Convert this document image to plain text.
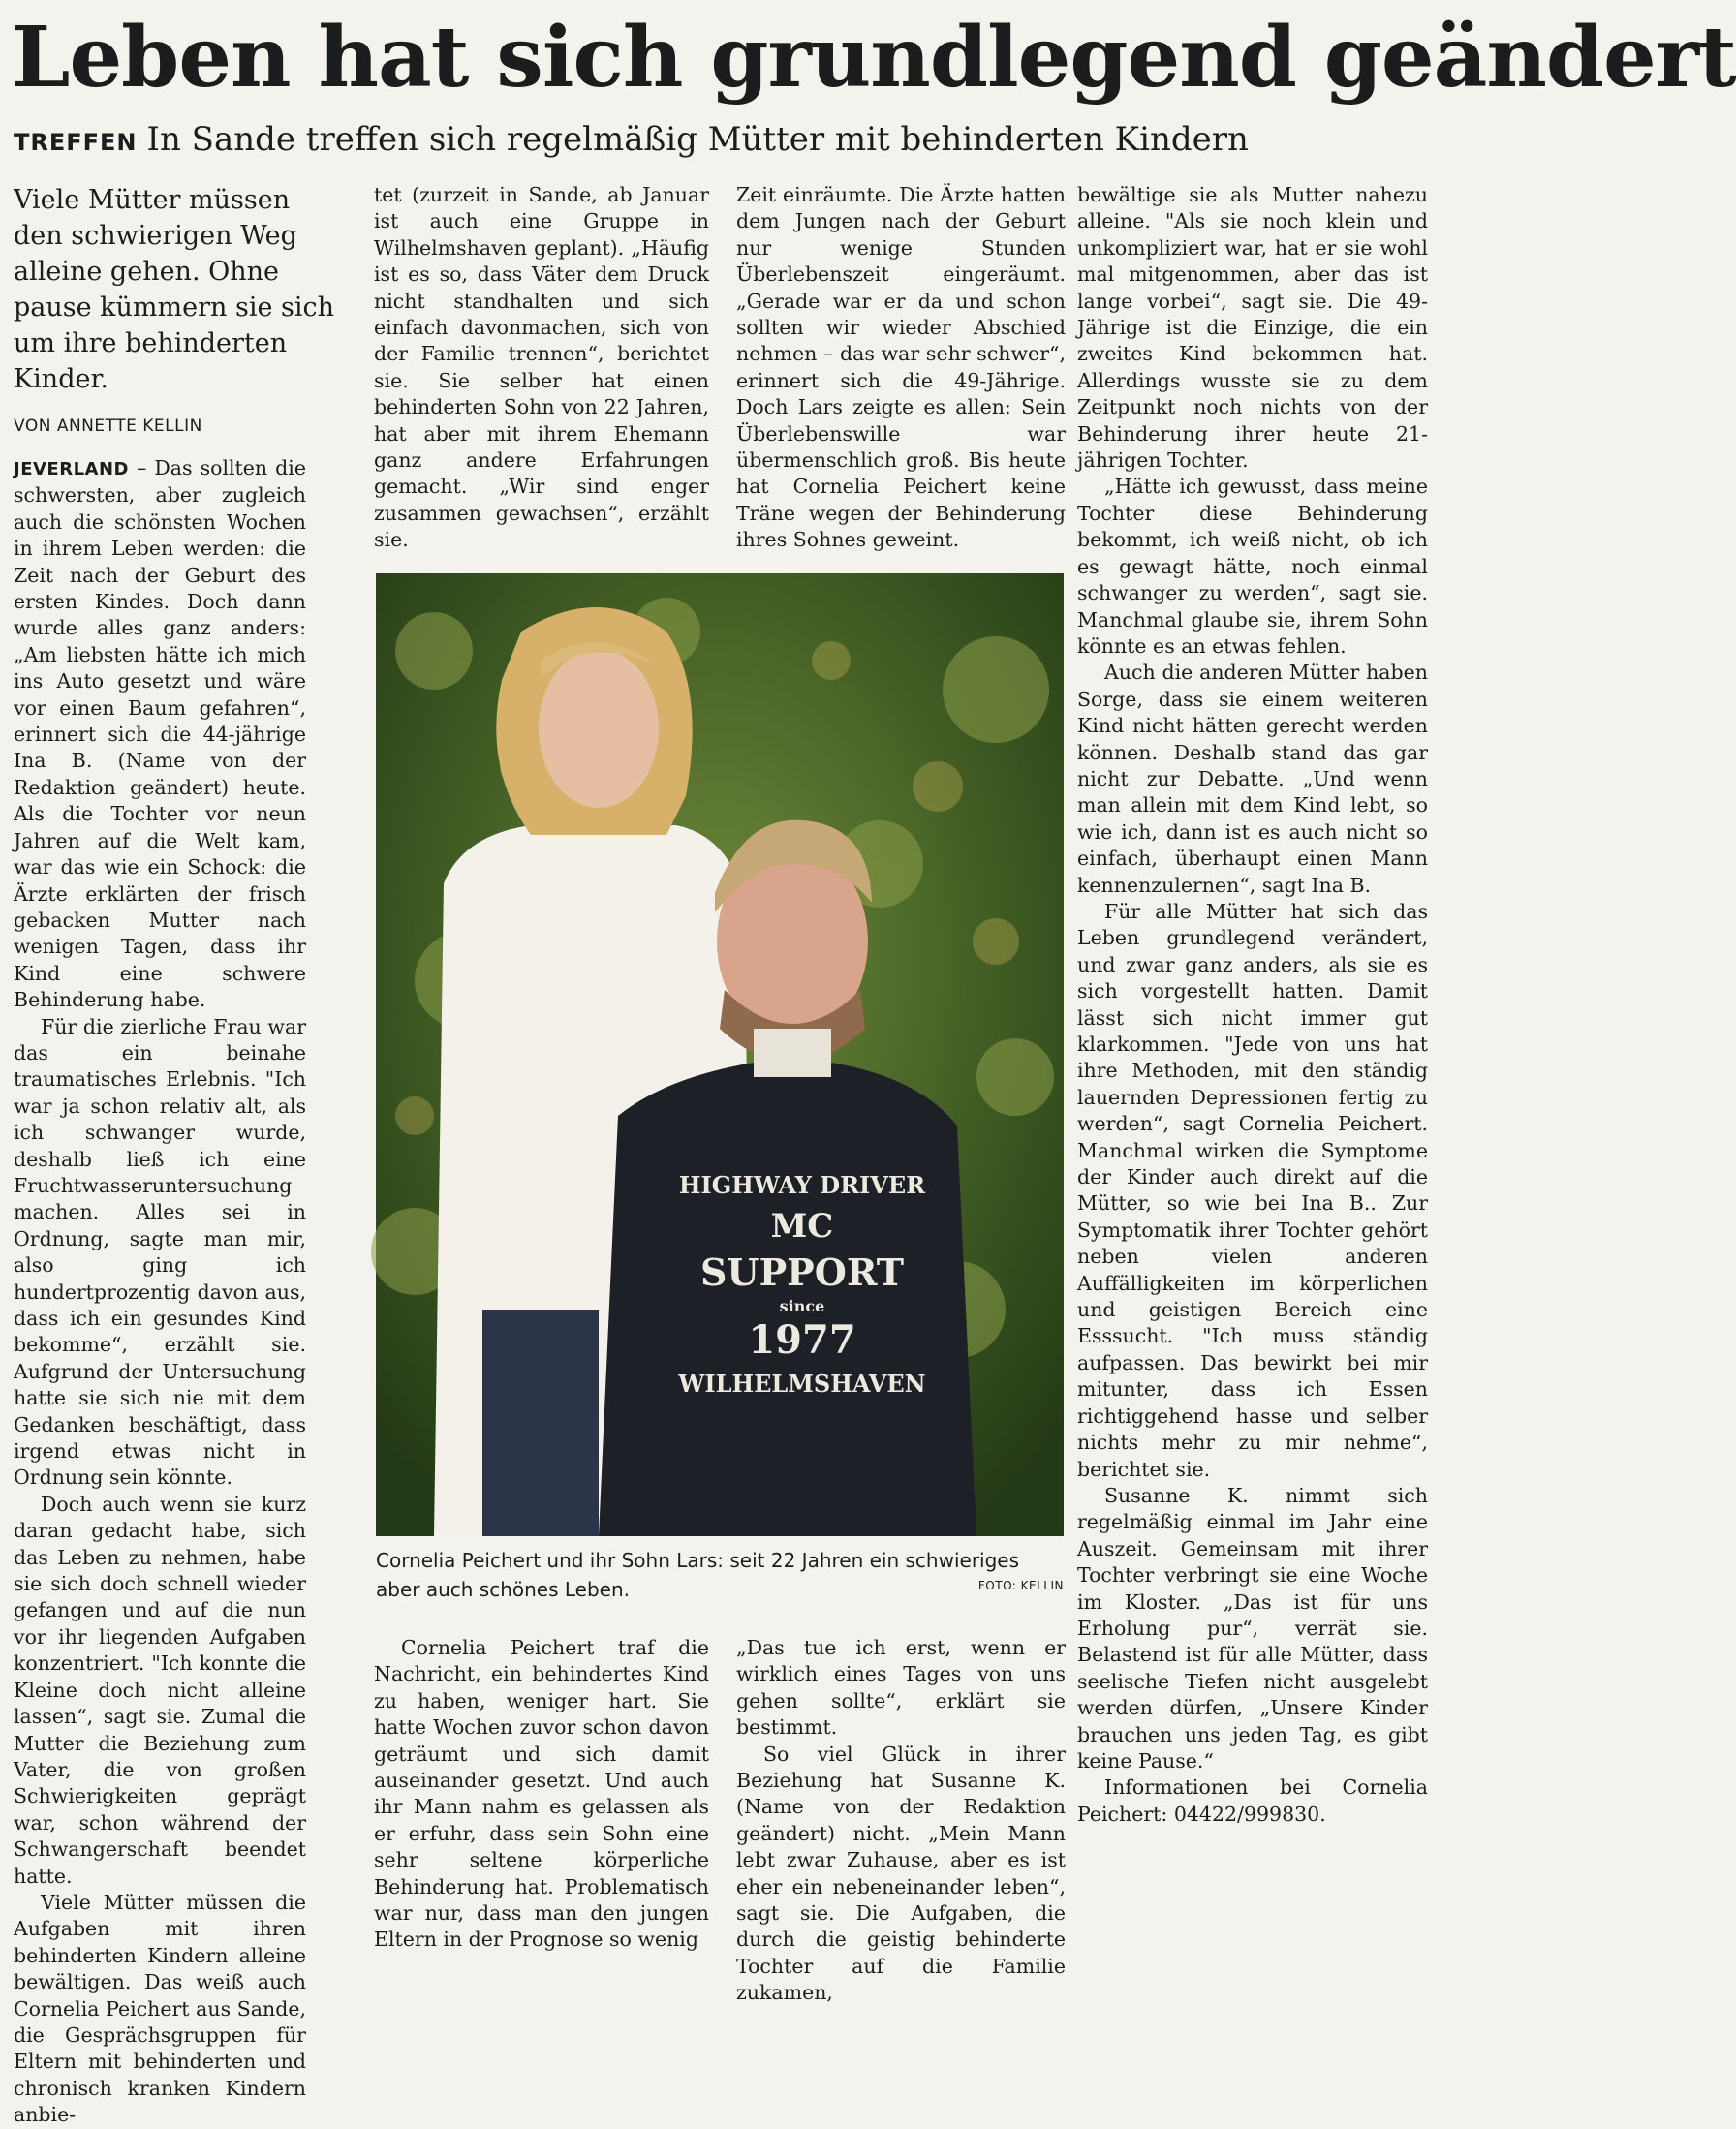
Leben hat sich grundlegend geändert
TREFFEN In Sande treffen sich regelmäßig Mütter mit behinderten Kindern
Viele Mütter müssen den schwierigen Weg alleine gehen. Ohne pause kümmern sie sich um ihre behinderten Kinder.
VON ANNETTE KELLIN

JEVERLAND – Das sollten die schwersten, aber zugleich auch die schönsten Wochen in ihrem Leben werden: die Zeit nach der Geburt des ersten Kindes. Doch dann wurde alles ganz anders: „Am liebsten hätte ich mich ins Auto gesetzt und wäre vor einen Baum gefahren“, erinnert sich die 44-jährige Ina B. (Name von der Redaktion geändert) heute. Als die Tochter vor neun Jahren auf die Welt kam, war das wie ein Schock: die Ärzte erklärten der frisch gebacken Mutter nach wenigen Tagen, dass ihr Kind eine schwere Behinderung habe.

Für die zierliche Frau war das ein beinahe traumatisches Erlebnis. "Ich war ja schon relativ alt, als ich schwanger wurde, deshalb ließ ich eine Fruchtwasseruntersuchung machen. Alles sei in Ordnung, sagte man mir, also ging ich hundertprozentig davon aus, dass ich ein gesundes Kind bekomme“, erzählt sie. Aufgrund der Untersuchung hatte sie sich nie mit dem Gedanken beschäftigt, dass irgend etwas nicht in Ordnung sein könnte.

Doch auch wenn sie kurz daran gedacht habe, sich das Leben zu nehmen, habe sie sich doch schnell wieder gefangen und auf die nun vor ihr liegenden Aufgaben konzentriert. "Ich konnte die Kleine doch nicht alleine lassen“, sagt sie. Zumal die Mutter die Beziehung zum Vater, die von großen Schwierigkeiten geprägt war, schon während der Schwangerschaft beendet hatte.

Viele Mütter müssen die Aufgaben mit ihren behinderten Kindern alleine bewältigen. Das weiß auch Cornelia Peichert aus Sande, die Gesprächsgruppen für Eltern mit behinderten und chronisch kranken Kindern anbie-

tet (zurzeit in Sande, ab Januar ist auch eine Gruppe in Wilhelmshaven geplant). „Häufig ist es so, dass Väter dem Druck nicht standhalten und sich einfach davonmachen, sich von der Familie trennen“, berichtet sie. Sie selber hat einen behinderten Sohn von 22 Jahren, hat aber mit ihrem Ehemann ganz andere Erfahrungen gemacht. „Wir sind enger zusammen gewachsen“, erzählt sie.

Zeit einräumte. Die Ärzte hatten dem Jungen nach der Geburt nur wenige Stunden Überlebenszeit eingeräumt. „Gerade war er da und schon sollten wir wieder Abschied nehmen – das war sehr schwer“, erinnert sich die 49-Jährige. Doch Lars zeigte es allen: Sein Überlebenswille war übermenschlich groß. Bis heute hat Cornelia Peichert keine Träne wegen der Behinderung ihres Sohnes geweint.

bewältige sie als Mutter nahezu alleine. "Als sie noch klein und unkompliziert war, hat er sie wohl mal mitgenommen, aber das ist lange vorbei“, sagt sie. Die 49-Jährige ist die Einzige, die ein zweites Kind bekommen hat. Allerdings wusste sie zu dem Zeitpunkt noch nichts von der Behinderung ihrer heute 21-jährigen Tochter.

„Hätte ich gewusst, dass meine Tochter diese Behinderung bekommt, ich weiß nicht, ob ich es gewagt hätte, noch einmal schwanger zu werden“, sagt sie. Manchmal glaube sie, ihrem Sohn könnte es an etwas fehlen.

Auch die anderen Mütter haben Sorge, dass sie einem weiteren Kind nicht hätten gerecht werden können. Deshalb stand das gar nicht zur Debatte. „Und wenn man allein mit dem Kind lebt, so wie ich, dann ist es auch nicht so einfach, überhaupt einen Mann kennenzulernen“, sagt Ina B.

Für alle Mütter hat sich das Leben grundlegend verändert, und zwar ganz anders, als sie es sich vorgestellt hatten. Damit lässt sich nicht immer gut klarkommen. "Jede von uns hat ihre Methoden, mit den ständig lauernden Depressionen fertig zu werden“, sagt Cornelia Peichert. Manchmal wirken die Symptome der Kinder auch direkt auf die Mütter, so wie bei Ina B.. Zur Symptomatik ihrer Tochter gehört neben vielen anderen Auffälligkeiten im körperlichen und geistigen Bereich eine Esssucht. "Ich muss ständig aufpassen. Das bewirkt bei mir mitunter, dass ich Essen richtiggehend hasse und selber nichts mehr zu mir nehme“, berichtet sie.

Susanne K. nimmt sich regelmäßig einmal im Jahr eine Auszeit. Gemeinsam mit ihrer Tochter verbringt sie eine Woche im Kloster. „Das ist für uns Erholung pur“, verrät sie. Belastend ist für alle Mütter, dass seelische Tiefen nicht ausgelebt werden dürfen, „Unsere Kinder brauchen uns jeden Tag, es gibt keine Pause.“

Informationen bei Cornelia Peichert: 04422/999830.

HIGHWAY DRIVER
MC
SUPPORT
since
1977
WILHELMSHAVEN
Cornelia Peichert und ihr Sohn Lars: seit 22 Jahren ein schwieriges aber auch schönes Leben.	FOTO: KELLIN

Cornelia Peichert traf die Nachricht, ein behindertes Kind zu haben, weniger hart. Sie hatte Wochen zuvor schon davon geträumt und sich damit auseinander gesetzt. Und auch ihr Mann nahm es gelassen als er erfuhr, dass sein Sohn eine sehr seltene körperliche Behinderung hat. Problematisch war nur, dass man den jungen Eltern in der Prognose so wenig

„Das tue ich erst, wenn er wirklich eines Tages von uns gehen sollte“, erklärt sie bestimmt.

So viel Glück in ihrer Beziehung hat Susanne K. (Name von der Redaktion geändert) nicht. „Mein Mann lebt zwar Zuhause, aber es ist eher ein nebeneinander leben“, sagt sie. Die Aufgaben, die durch die geistig behinderte Tochter auf die Familie zukamen,
